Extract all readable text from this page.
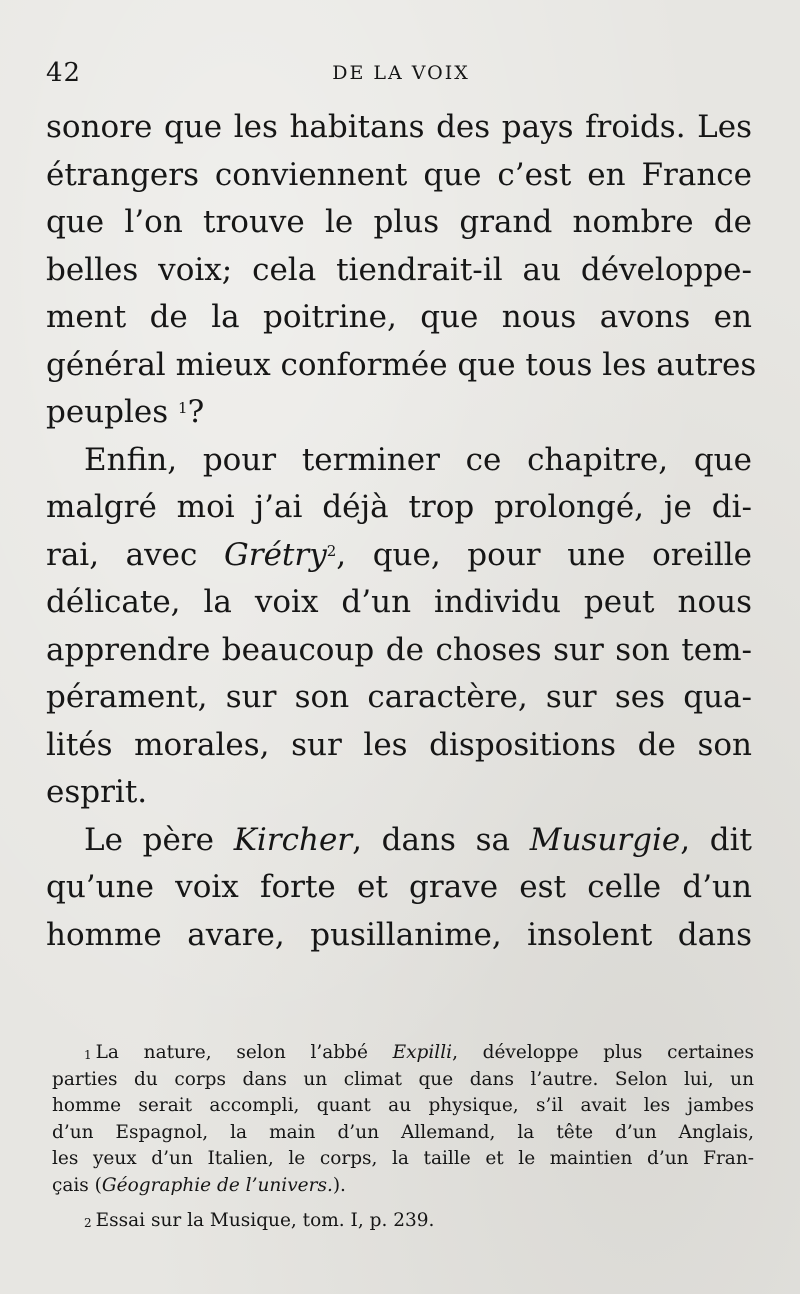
42	DE LA VOIX
sonore que les habitans des pays froids. Les
étrangers conviennent que c’est en France
que l’on trouve le plus grand nombre de
belles voix; cela tiendrait-il au développe-
ment de la poitrine, que nous avons en
général mieux conformée que tous les autres
peuples $^1$?
Enfin, pour terminer ce chapitre, que
malgré moi j’ai déjà trop prolongé, je di-
rai, avec Grétry$^2$, que, pour une oreille
délicate, la voix d’un individu peut nous
apprendre beaucoup de choses sur son tem-
pérament, sur son caractère, sur ses qua-
lités morales, sur les dispositions de son
esprit.
Le père Kircher, dans sa Musurgie, dit
qu’une voix forte et grave est celle d’un
homme avare, pusillanime, insolent dans
$^1$ La nature, selon l’abbé Expilli, développe plus certaines
parties du corps dans un climat que dans l’autre. Selon lui, un
homme serait accompli, quant au physique, s’il avait les jambes
d’un Espagnol, la main d’un Allemand, la tête d’un Anglais,
les yeux d’un Italien, le corps, la taille et le maintien d’un Fran-
çais (Géographie de l’univers.).
$^2$ Essai sur la Musique, tom. I, p. 239.
